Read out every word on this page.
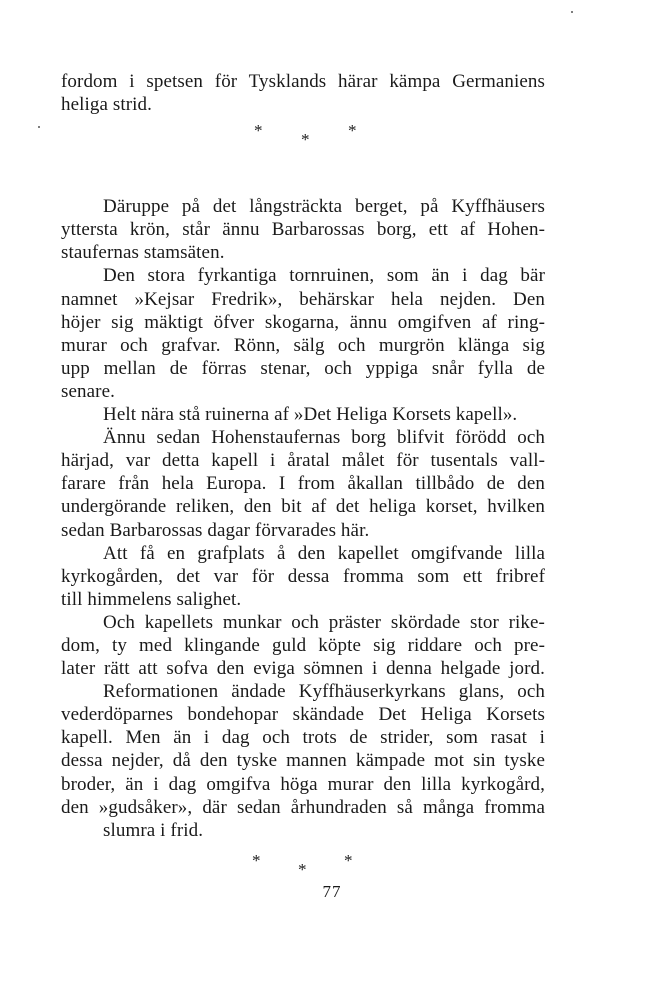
fordom i spetsen för Tysklands härar kämpa Germaniens
heliga strid.
* * *
Däruppe på det långsträckta berget, på Kyffhäusers
yttersta krön, står ännu Barbarossas borg, ett af Hohen-
staufernas stamsäten.
Den stora fyrkantiga tornruinen, som än i dag bär
namnet »Kejsar Fredrik», behärskar hela nejden. Den
höjer sig mäktigt öfver skogarna, ännu omgifven af ring-
murar och grafvar. Rönn, sälg och murgrön klänga sig
upp mellan de förras stenar, och yppiga snår fylla de
senare.
Helt nära stå ruinerna af »Det Heliga Korsets kapell».
Ännu sedan Hohenstaufernas borg blifvit förödd och
härjad, var detta kapell i åratal målet för tusentals vall-
farare från hela Europa. I from åkallan tillbådo de den
undergörande reliken, den bit af det heliga korset, hvilken
sedan Barbarossas dagar förvarades här.
Att få en grafplats å den kapellet omgifvande lilla
kyrkogården, det var för dessa fromma som ett fribref
till himmelens salighet.
Och kapellets munkar och präster skördade stor rike-
dom, ty med klingande guld köpte sig riddare och pre-
later rätt att sofva den eviga sömnen i denna helgade jord.
Reformationen ändade Kyffhäuserkyrkans glans, och
vederdöparnes bondehopar skändade Det Heliga Korsets
kapell. Men än i dag och trots de strider, som rasat i
dessa nejder, då den tyske mannen kämpade mot sin tyske
broder, än i dag omgifva höga murar den lilla kyrkogård,
den »gudsåker», där sedan århundraden så många fromma
slumra i frid.
* * *
77
